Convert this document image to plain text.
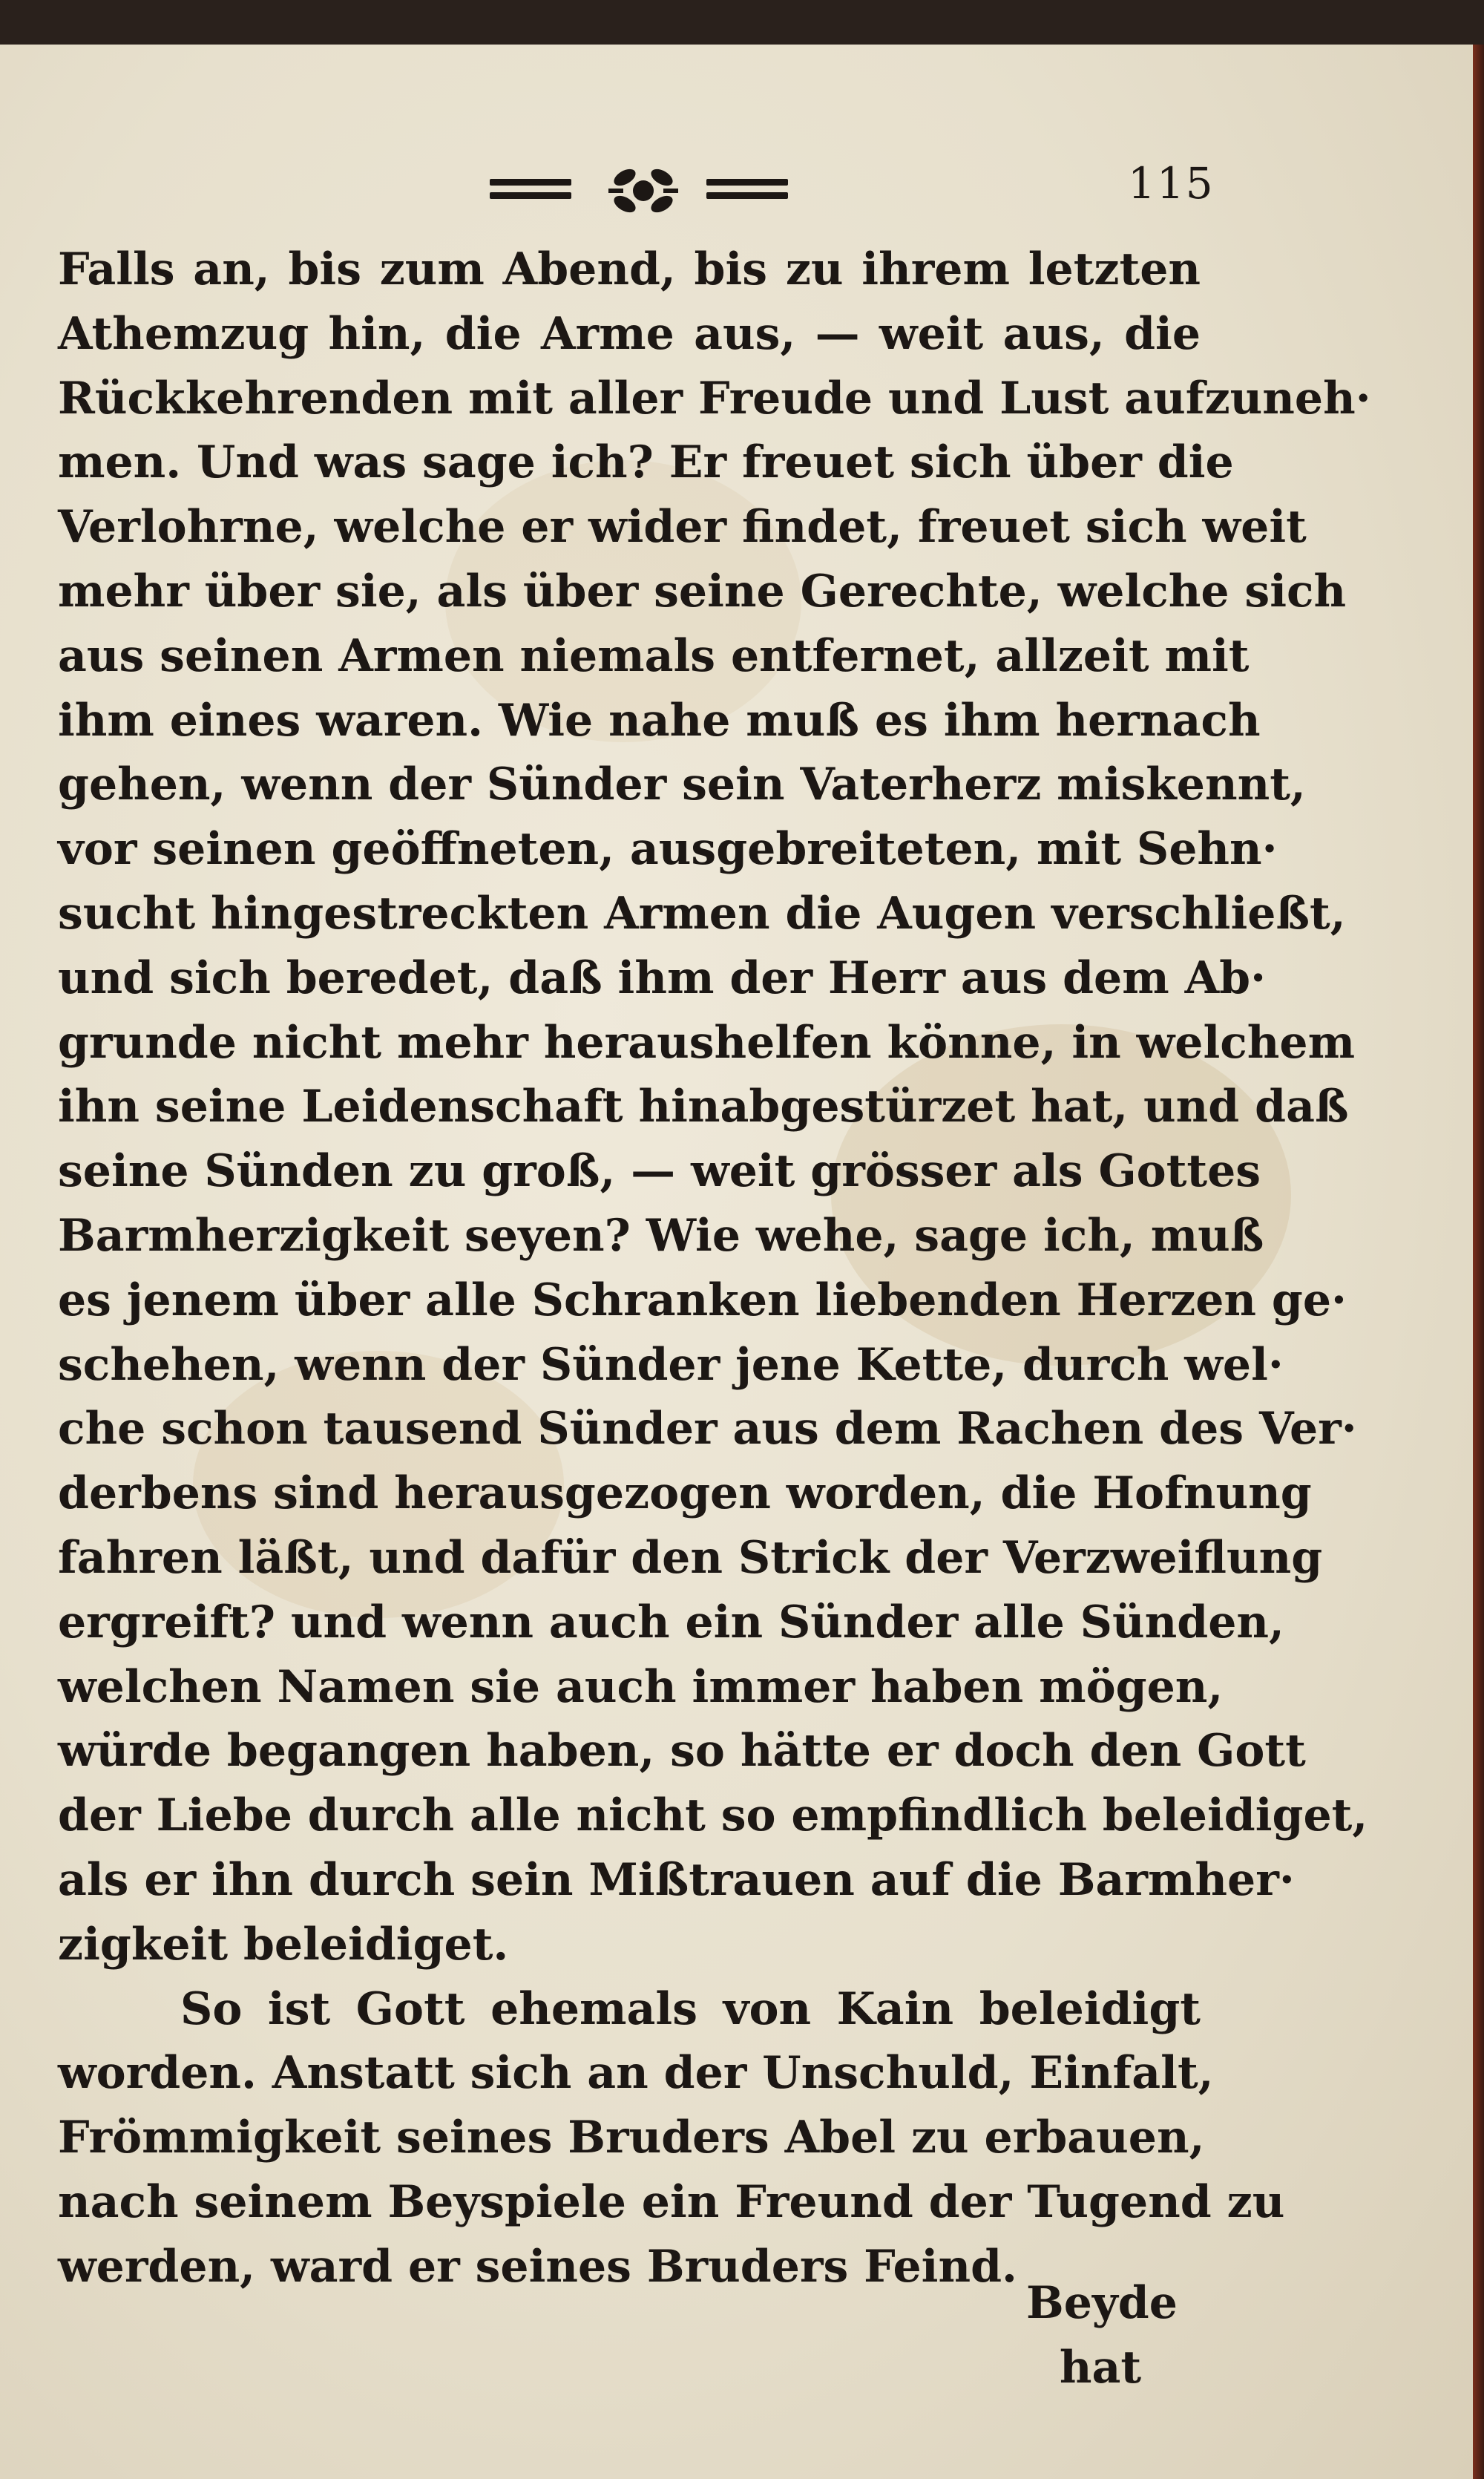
115
Falls an, bis zum Abend, bis zu ihrem letzten
Athemzug hin, die Arme aus, — weit aus, die
Rückkehrenden mit aller Freude und Lust aufzuneh·
men. Und was sage ich? Er freuet sich über die
Verlohrne, welche er wider findet, freuet sich weit
mehr über sie, als über seine Gerechte, welche sich
aus seinen Armen niemals entfernet, allzeit mit
ihm eines waren. Wie nahe muß es ihm hernach
gehen, wenn der Sünder sein Vaterherz miskennt,
vor seinen geöffneten, ausgebreiteten, mit Sehn·
sucht hingestreckten Armen die Augen verschließt,
und sich beredet, daß ihm der Herr aus dem Ab·
grunde nicht mehr heraushelfen könne, in welchem
ihn seine Leidenschaft hinabgestürzet hat, und daß
seine Sünden zu groß, — weit grösser als Gottes
Barmherzigkeit seyen? Wie wehe, sage ich, muß
es jenem über alle Schranken liebenden Herzen ge·
schehen, wenn der Sünder jene Kette, durch wel·
che schon tausend Sünder aus dem Rachen des Ver·
derbens sind herausgezogen worden, die Hofnung
fahren läßt, und dafür den Strick der Verzweiflung
ergreift? und wenn auch ein Sünder alle Sünden,
welchen Namen sie auch immer haben mögen,
würde begangen haben, so hätte er doch den Gott
der Liebe durch alle nicht so empfindlich beleidiget,
als er ihn durch sein Mißtrauen auf die Barmher·
zigkeit beleidiget.
So ist Gott ehemals von Kain beleidigt
worden. Anstatt sich an der Unschuld, Einfalt,
Frömmigkeit seines Bruders Abel zu erbauen,
nach seinem Beyspiele ein Freund der Tugend zu
werden, ward er seines Bruders Feind.
Beyde
hat
